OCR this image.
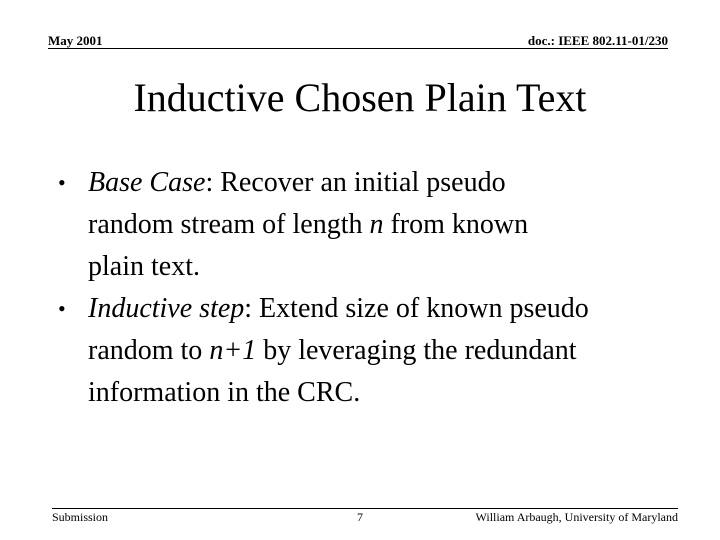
May 2001	doc.: IEEE 802.11-01/230
Inductive Chosen Plain Text
• Base Case: Recover an initial pseudo
random stream of length n from known
plain text.
• Inductive step: Extend size of known pseudo
random to n+1 by leveraging the redundant
information in the CRC.
Submission	7	William Arbaugh, University of Maryland
